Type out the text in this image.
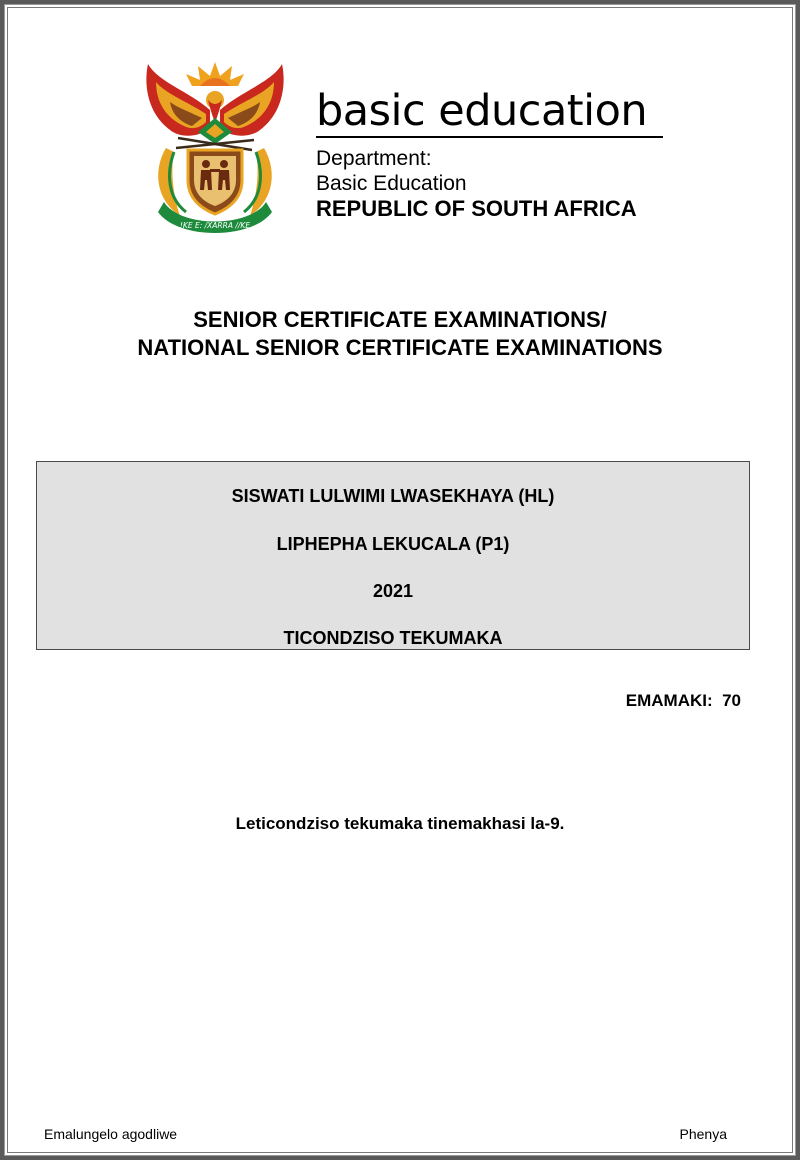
!KE E: /XARRA //KE

basic education

Department:

Basic Education

REPUBLIC OF SOUTH AFRICA

SENIOR CERTIFICATE EXAMINATIONS/
NATIONAL SENIOR CERTIFICATE EXAMINATIONS
SISWATI LULWIMI LWASEKHAYA (HL)
LIPHEPHA LEKUCALA (P1)
2021
TICONDZISO TEKUMAKA
EMAMAKI:  70
Leticondziso tekumaka tinemakhasi la-9.
Emalungelo agodliwe	Phenya
